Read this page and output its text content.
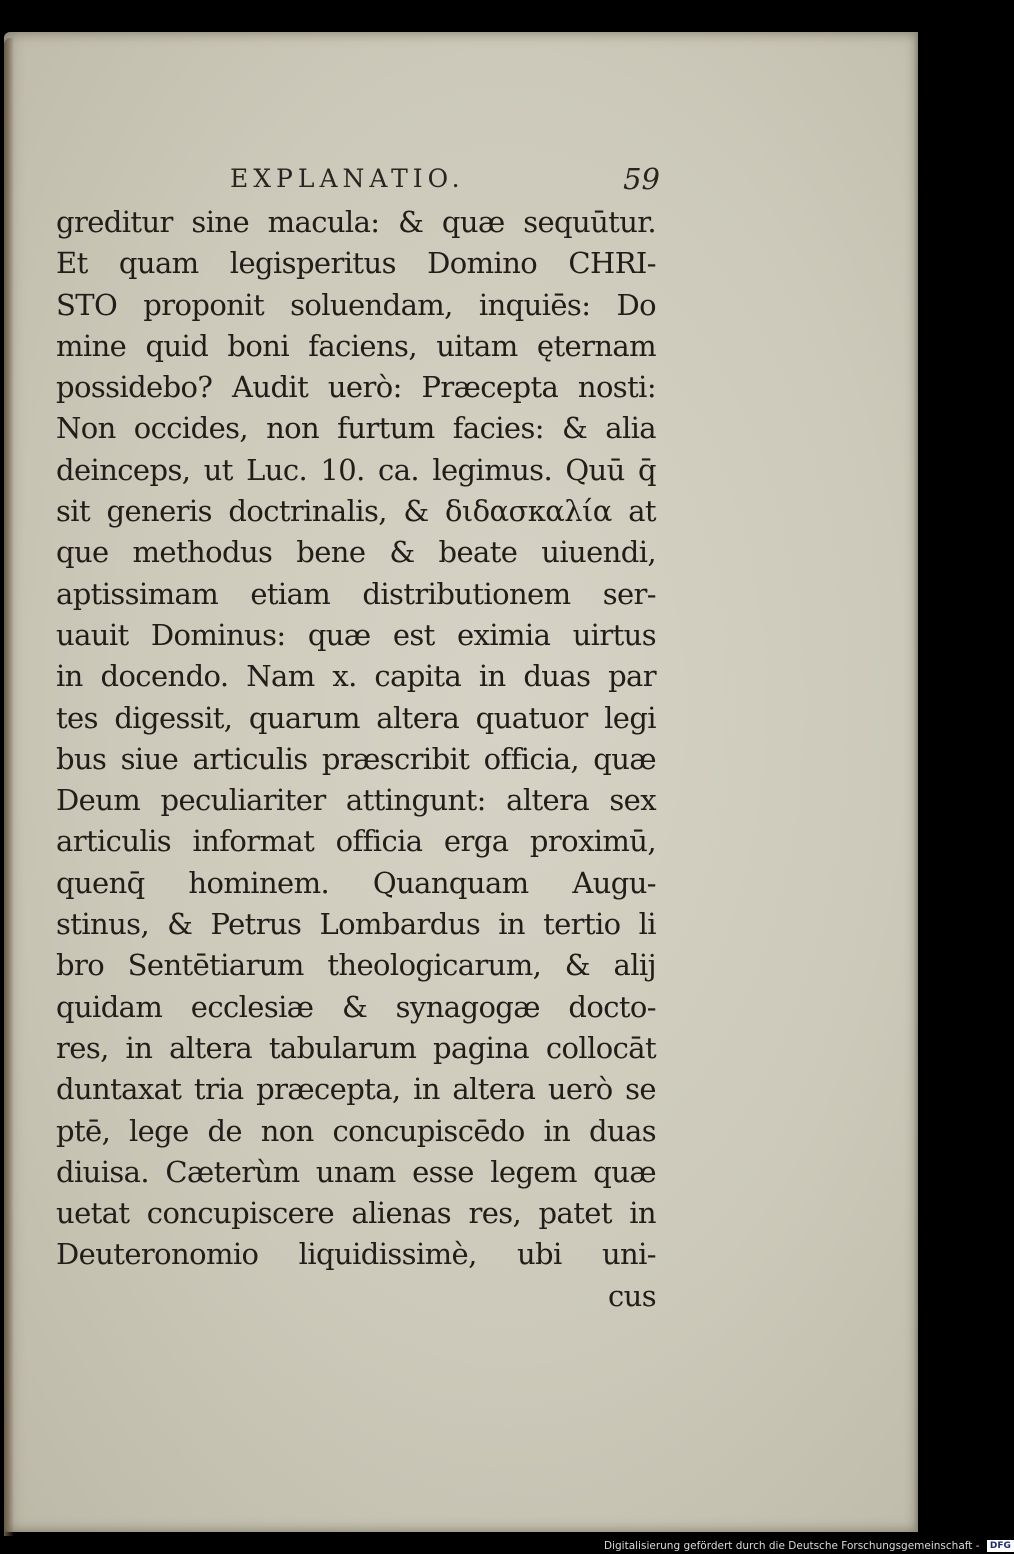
EXPLANATIO.	59
greditur sine macula: & quæ sequūtur.
Et quam legisperitus Domino CHRI-
STO proponit soluendam, inquiēs: Do
mine quid boni faciens, uitam ęternam
possidebo? Audit uerò: Præcepta nosti:
Non occides, non furtum facies: & alia
deinceps, ut Luc. 10. ca. legimus. Quū q̄
sit generis doctrinalis, & διδασκαλία at
que methodus bene & beate uiuendi,
aptissimam etiam distributionem ser-
uauit Dominus: quæ est eximia uirtus
in docendo. Nam x. capita in duas par
tes digessit, quarum altera quatuor legi
bus siue articulis præscribit officia, quæ
Deum peculiariter attingunt: altera sex
articulis informat officia erga proximū,
quenq̄ hominem. Quanquam Augu-
stinus, & Petrus Lombardus in tertio li
bro Sentētiarum theologicarum, & alij
quidam ecclesiæ & synagogæ docto-
res, in altera tabularum pagina collocāt
duntaxat tria præcepta, in altera uerò se
ptē, lege de non concupiscēdo in duas
diuisa. Cæterùm unam esse legem quæ
uetat concupiscere alienas res, patet in
Deuteronomio liquidissimè, ubi uni-
cus
Digitalisierung gefördert durch die Deutsche Forschungsgemeinschaft - DFG
